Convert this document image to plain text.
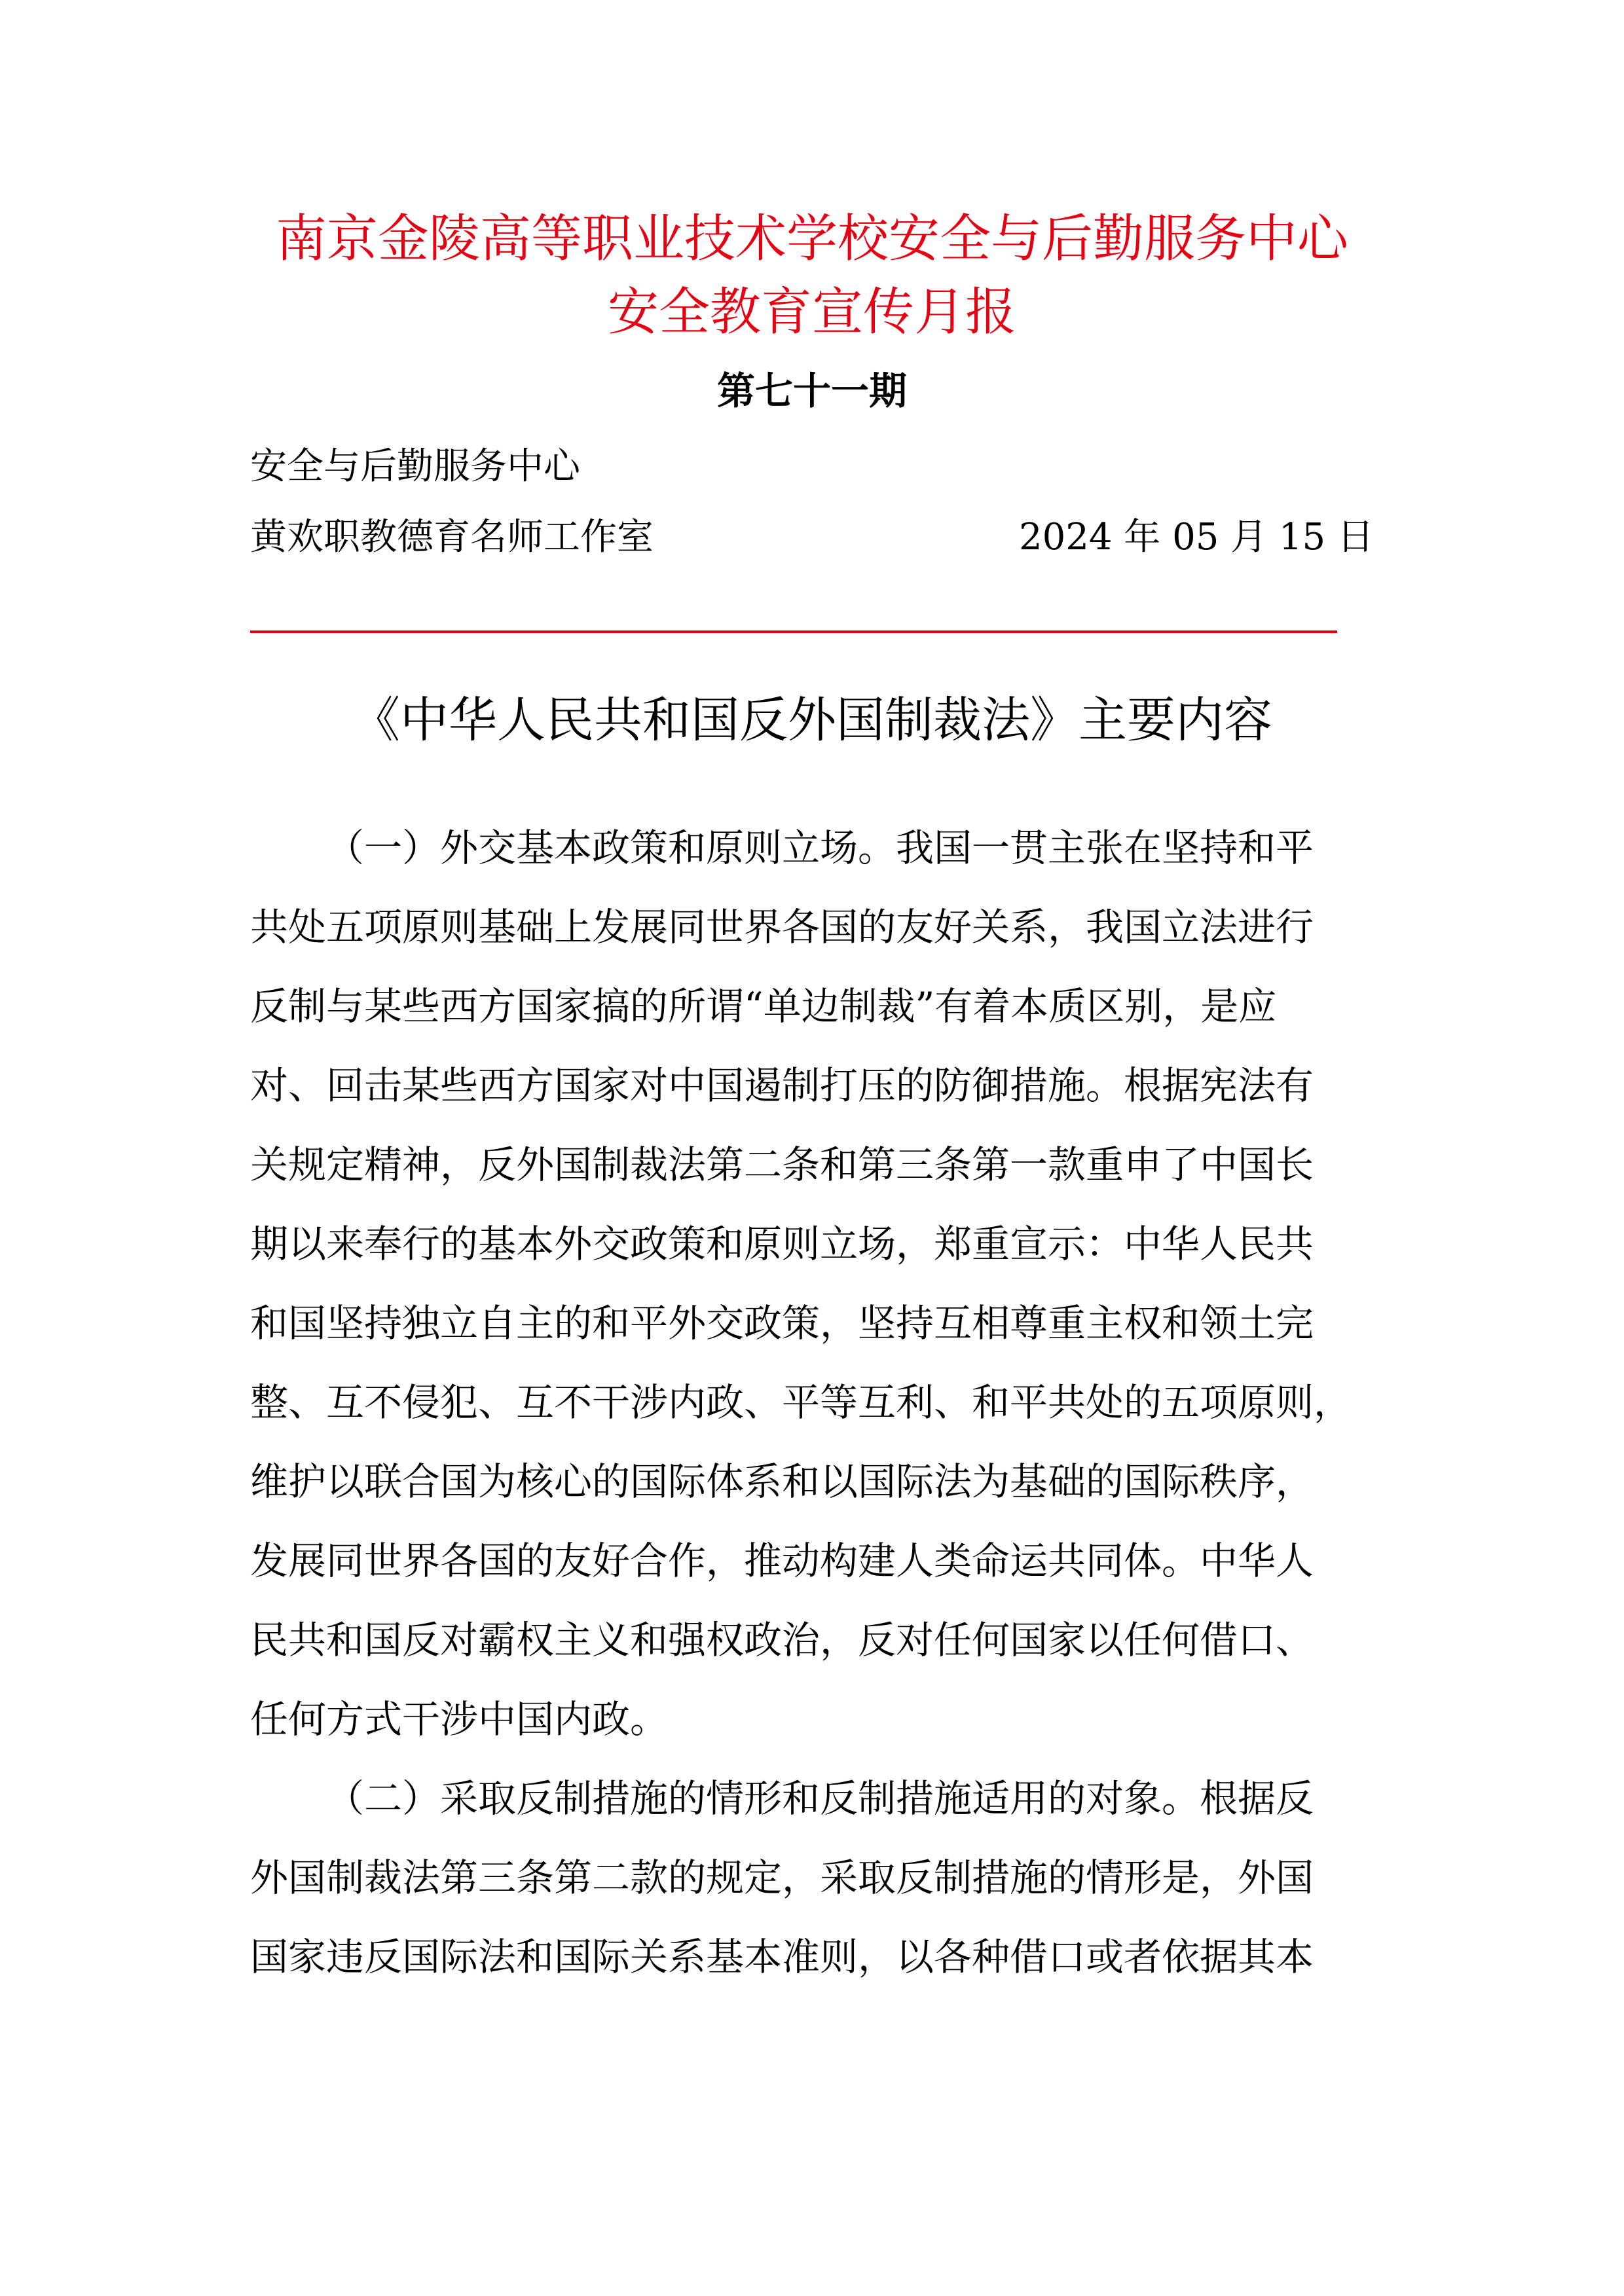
南京金陵高等职业技术学校安全与后勤服务中心
安全教育宣传月报
第七十一期
安全与后勤服务中心
黄欢职教德育名师工作室	2024 年 05 月 15 日
《中华人民共和国反外国制裁法》主要内容
（一）外交基本政策和原则立场。我国一贯主张在坚持和平
共处五项原则基础上发展同世界各国的友好关系，我国立法进行
反制与某些西方国家搞的所谓“单边制裁”有着本质区别，是应
对、回击某些西方国家对中国遏制打压的防御措施。根据宪法有
关规定精神，反外国制裁法第二条和第三条第一款重申了中国长
期以来奉行的基本外交政策和原则立场，郑重宣示：中华人民共
和国坚持独立自主的和平外交政策，坚持互相尊重主权和领土完
整、互不侵犯、互不干涉内政、平等互利、和平共处的五项原则，
维护以联合国为核心的国际体系和以国际法为基础的国际秩序，
发展同世界各国的友好合作，推动构建人类命运共同体。中华人
民共和国反对霸权主义和强权政治，反对任何国家以任何借口、
任何方式干涉中国内政。
（二）采取反制措施的情形和反制措施适用的对象。根据反
外国制裁法第三条第二款的规定，采取反制措施的情形是，外国
国家违反国际法和国际关系基本准则，以各种借口或者依据其本
